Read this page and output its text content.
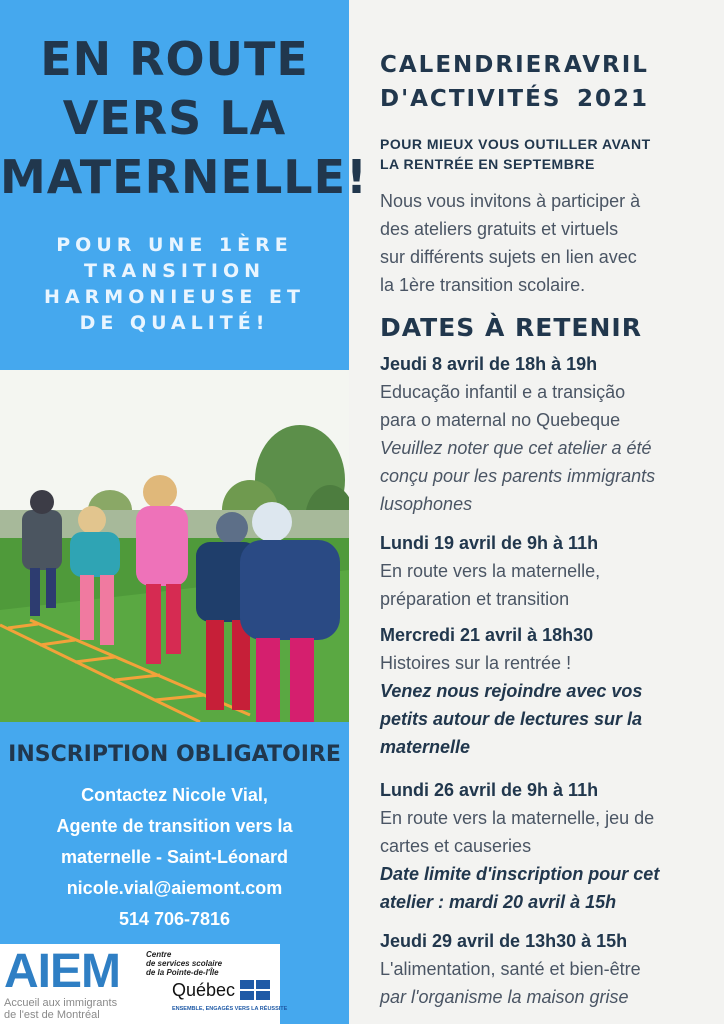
EN ROUTE
VERS LA
MATERNELLE!
POUR UNE 1ÈRE
TRANSITION
HARMONIEUSE ET
DE QUALITÉ!
INSCRIPTION OBLIGATOIRE
Contactez Nicole Vial,
Agente de transition vers la
maternelle - Saint-Léonard
nicole.vial@aiemont.com
514 706-7816
AIEM
Accueil aux immigrants
de l'est de Montréal
Centre
de services scolaire
de la Pointe-de-l'Île
Québec
ENSEMBLE, ENGAGÉS VERS LA RÉUSSITE
CALENDRIER
D'ACTIVITÉS
AVRIL
2021
POUR MIEUX VOUS OUTILLER AVANT
LA RENTRÉE EN SEPTEMBRE
Nous vous invitons à participer à
des ateliers gratuits et virtuels
sur différents sujets en lien avec
la 1ère transition scolaire.
DATES À RETENIR
Jeudi 8 avril de 18h à 19h
Educação infantil e a transição
para o maternal no Quebeque
Veuillez noter que cet atelier a été
conçu pour les parents immigrants
lusophones
Lundi 19 avril de 9h à 11h
En route vers la maternelle,
préparation et transition
Mercredi 21 avril à 18h30
Histoires sur la rentrée !
Venez nous rejoindre avec vos
petits autour de lectures sur la
maternelle
Lundi 26 avril de 9h à 11h
En route vers la maternelle, jeu de
cartes et causeries
Date limite d'inscription pour cet
atelier : mardi 20 avril à 15h
Jeudi 29 avril de 13h30 à 15h
L'alimentation, santé et bien-être
par l'organisme la maison grise
